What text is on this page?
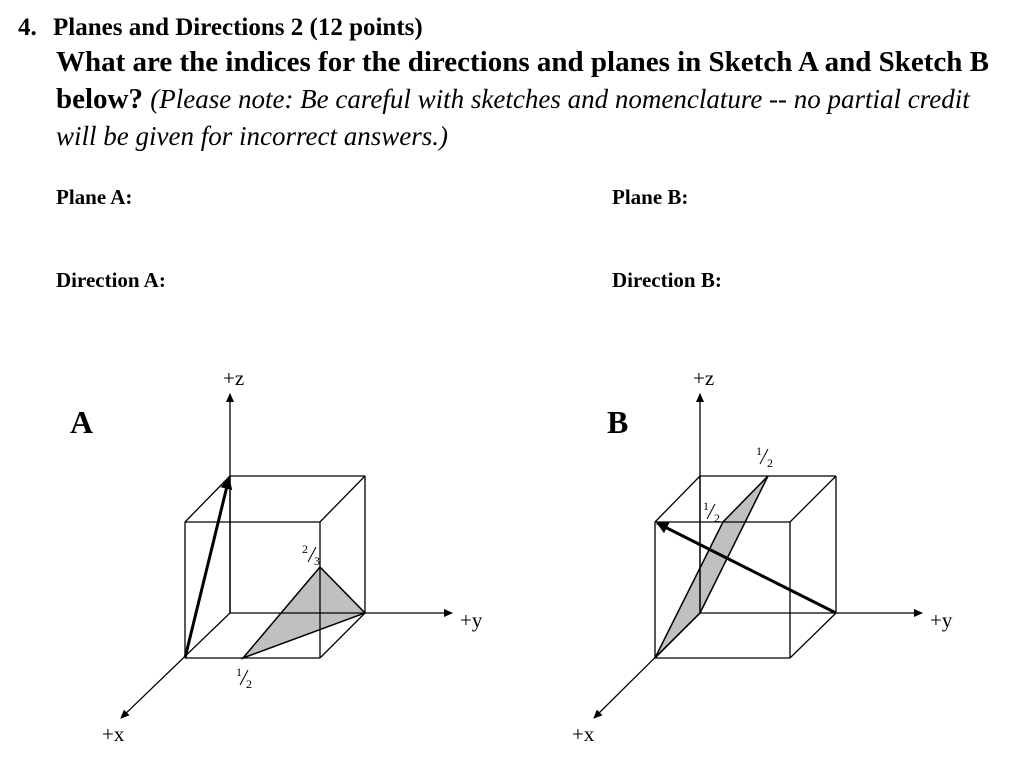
4. Planes and Directions 2 (12 points)
What are the indices for the directions and planes in Sketch A and Sketch B below? (Please note: Be careful with sketches and nomenclature -- no partial credit will be given for incorrect answers.)
Plane A:	Plane B:
Direction A:	Direction B:
A
+z
+y
+x
2
3
1
2
B
+z
+y
+x
1
2
1
2
